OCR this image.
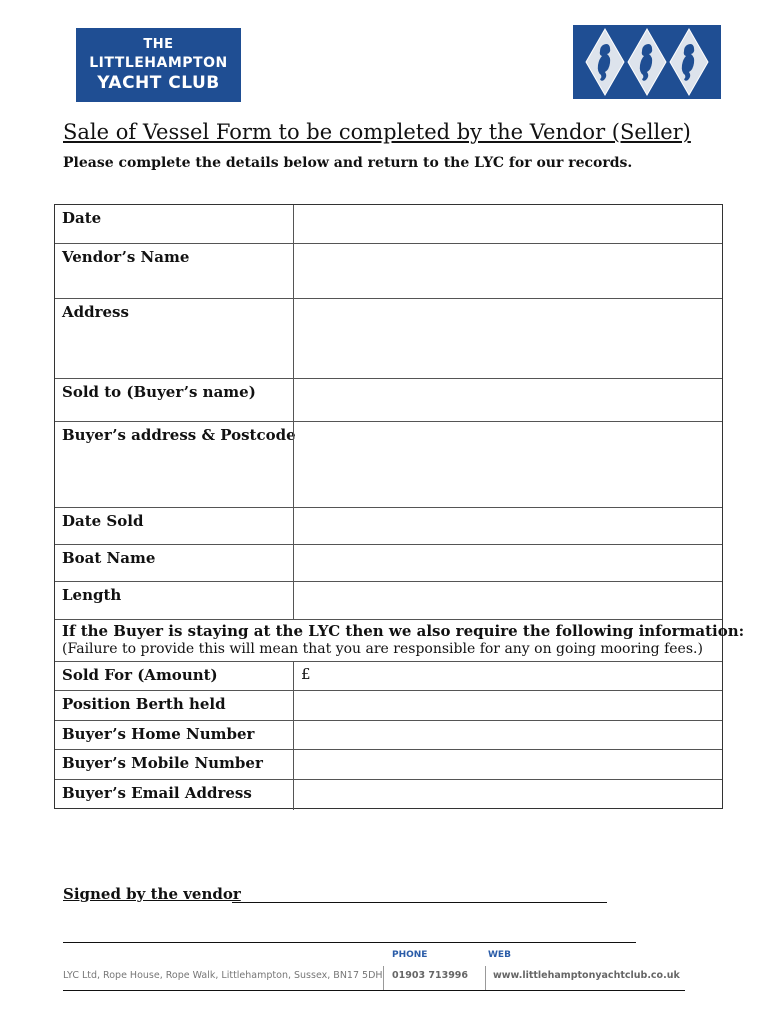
THE
LITTLEHAMPTON
YACHT CLUB
Sale of Vessel Form to be completed by the Vendor (Seller)
Please complete the details below and return to the LYC for our records.
Date
Vendor’s Name
Address
Sold to (Buyer’s name)
Buyer’s address & Postcode
Date Sold
Boat Name
Length
If the Buyer is staying at the LYC then we also require the following information:
(Failure to provide this will mean that you are responsible for any on going mooring fees.)
Sold For (Amount)	£
Position Berth held
Buyer’s Home Number
Buyer’s Mobile Number
Buyer’s Email Address
Signed by the vendor
PHONE	WEB
LYC Ltd, Rope House, Rope Walk, Littlehampton, Sussex, BN17 5DH 01903 713996	www.littlehamptonyachtclub.co.uk
